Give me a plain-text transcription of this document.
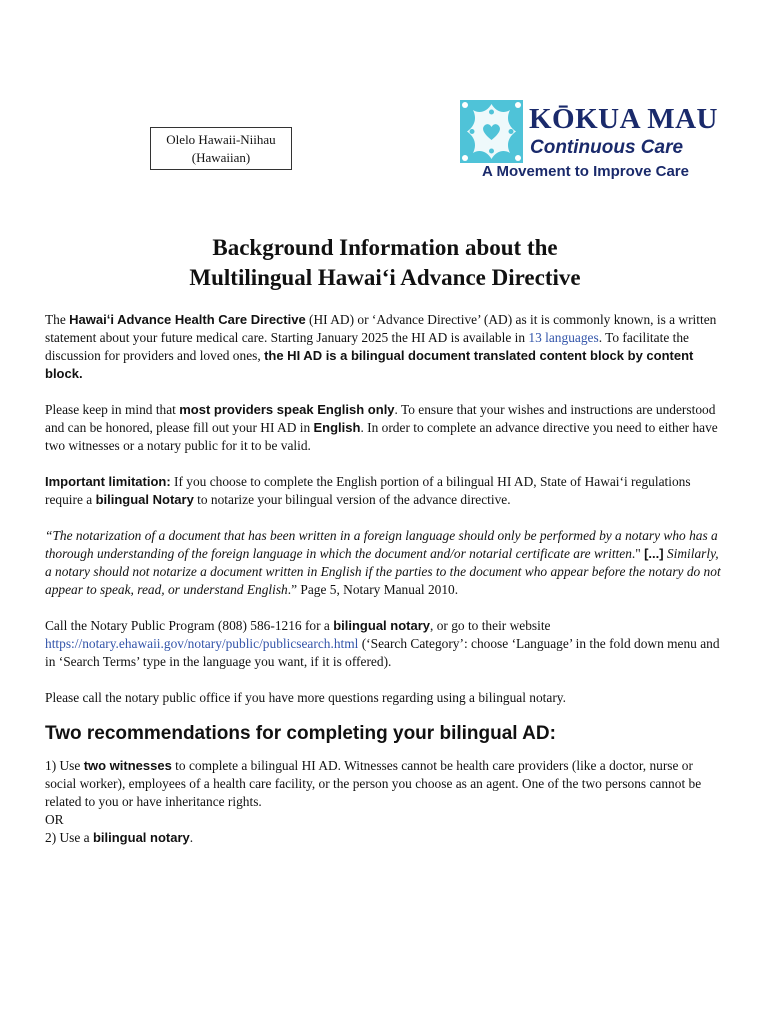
Olelo Hawaii-Niihau
(Hawaiian)
KŌKUA MAU
Continuous Care
A Movement to Improve Care
Background Information about the
Multilingual Hawaiʻi Advance Directive

The Hawaiʻi Advance Health Care Directive (HI AD) or ‘Advance Directive’ (AD) as it is commonly known, is a written statement about your future medical care. Starting January 2025 the HI AD is available in 13 languages. To facilitate the discussion for providers and loved ones, the HI AD is a bilingual document translated content block by content block.

Please keep in mind that most providers speak English only. To ensure that your wishes and instructions are understood and can be honored, please fill out your HI AD in English. In order to complete an advance directive you need to either have two witnesses or a notary public for it to be valid.

Important limitation: If you choose to complete the English portion of a bilingual HI AD, State of Hawaiʻi regulations require a bilingual Notary to notarize your bilingual version of the advance directive.

“The notarization of a document that has been written in a foreign language should only be performed by a notary who has a thorough understanding of the foreign language in which the document and/or notarial certificate are written." [...] Similarly, a notary should not notarize a document written in English if the parties to the document who appear before the notary do not appear to speak, read, or understand English.” Page 5, Notary Manual 2010.

Call the Notary Public Program (808) 586-1216 for a bilingual notary, or go to their website https://notary.ehawaii.gov/notary/public/publicsearch.html (‘Search Category’: choose ‘Language’ in the fold down menu and in ‘Search Terms’ type in the language you want, if it is offered).

Please call the notary public office if you have more questions regarding using a bilingual notary.

Two recommendations for completing your bilingual AD:

1) Use two witnesses to complete a bilingual HI AD. Witnesses cannot be health care providers (like a doctor, nurse or social worker), employees of a health care facility, or the person you choose as an agent. One of the two persons cannot be related to you or have inheritance rights.

OR

2) Use a bilingual notary.
